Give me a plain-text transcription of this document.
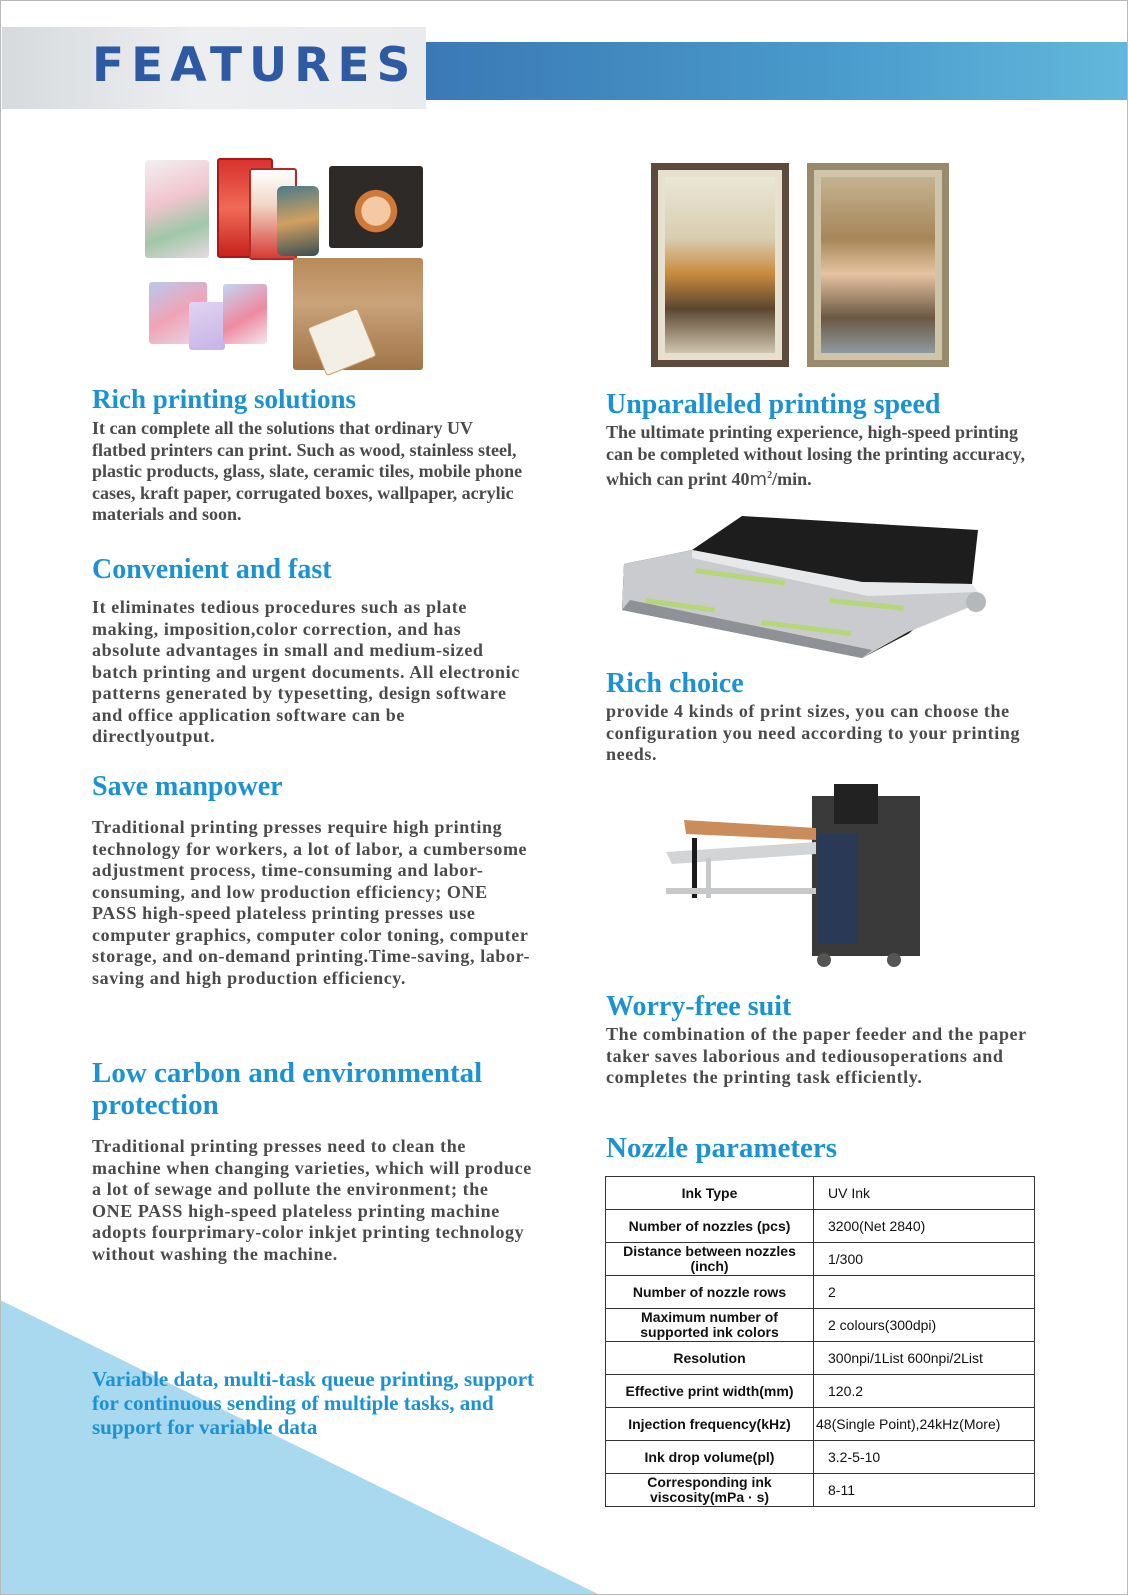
FEATURES
Rich printing solutions
It can complete all the solutions that ordinary UV flatbed printers can print. Such as wood, stainless steel, plastic products, glass, slate, ceramic tiles, mobile phone cases, kraft paper, corrugated boxes, wallpaper, acrylic materials and soon.
Convenient and fast
It eliminates tedious procedures such as plate making, imposition,color correction, and has absolute advantages in small and medium-sized batch printing and urgent documents. All electronic patterns generated by typesetting, design software and office application software can be directlyoutput.
Save manpower
Traditional printing presses require high printing technology for workers, a lot of labor, a cumbersome adjustment process, time-consuming and labor-consuming, and low production efficiency; ONE PASS high-speed plateless printing presses use computer graphics, computer color toning, computer storage, and on-demand printing.Time-saving, labor-saving and high production efficiency.
Low carbon and environmental protection
Traditional printing presses need to clean the machine when changing varieties, which will produce a lot of sewage and pollute the environment; the ONE PASS high-speed plateless printing machine adopts fourprimary-color inkjet printing technology without washing the machine.
Variable data, multi-task queue printing, support for continuous sending of multiple tasks, and support for variable data
Unparalleled printing speed
The ultimate printing experience, high-speed printing can be completed without losing the printing accuracy, which can print $40m^2/\min$.
Rich choice
provide 4 kinds of print sizes, you can choose the configuration you need according to your printing needs.
Worry-free suit
The combination of the paper feeder and the paper taker saves laborious and tediousoperations and completes the printing task efficiently.
Nozzle parameters
Ink Type	UV Ink
Number of nozzles (pcs)	3200(Net 2840)
Distance between nozzles (inch)	1/300
Number of nozzle rows	2
Maximum number of supported ink colors	2 colours(300dpi)
Resolution	300npi/1List 600npi/2List
Effective print width(mm)	120.2
Injection frequency(kHz)	48(Single Point),24kHz(More)
Ink drop volume(pl)	3.2-5-10
Corresponding ink viscosity(mPa · s)	8-11
